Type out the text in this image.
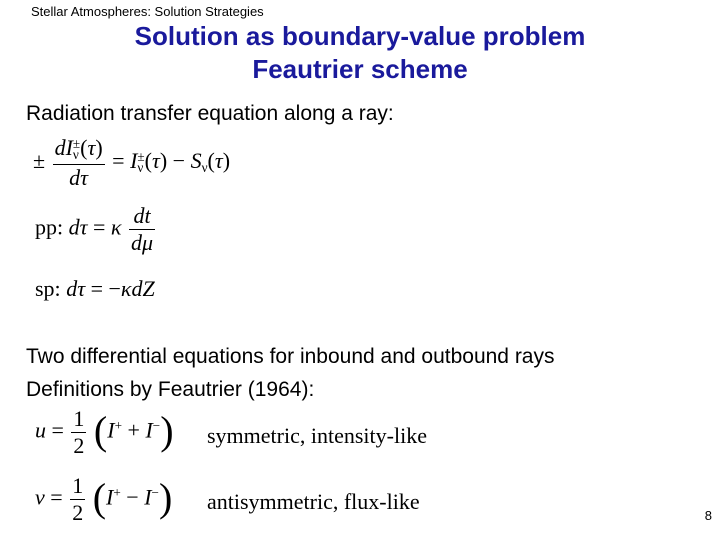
Stellar Atmospheres: Solution Strategies
Solution as boundary-value problem
Feautrier scheme
Radiation transfer equation along a ray:
± $\frac{dI\nu^\pm(\tau)}{d\tau} = I\nu^\pm(\tau) - S\nu(\tau)$
pp: dτ = κ $\frac{dt}{d\mu}$
sp: dτ = −κdZ
Two differential equations for inbound and outbound rays
Definitions by Feautrier (1964):
$u = \frac{1}{2} (I^+ + I^-)$ symmetric, intensity-like
$v = \frac{1}{2} (I^+ - I^-)$ antisymmetric, flux-like
8
